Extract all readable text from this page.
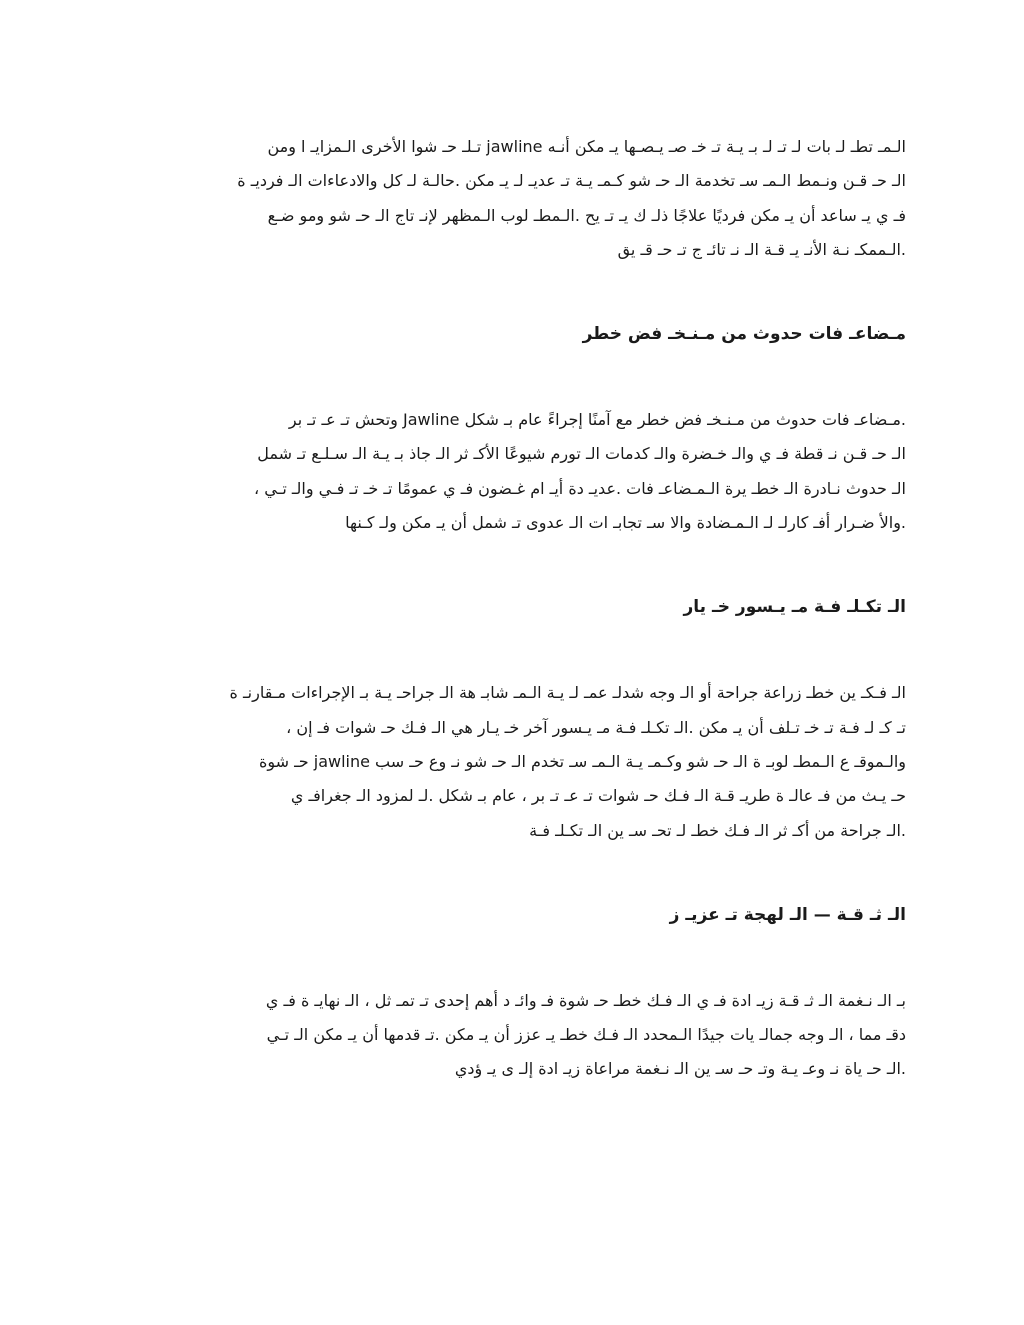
الـمـ تطـ لـ بات لـ تـ لـ بـ يـة تـ خـ صـ يـصـها يـ مكن أنـه jawline تـلـ حـ شوا الأخرى الـمزايـ ا ومن
الـ حـ قـن ونـمط الـمـ سـ تخدمة الـ حـ شو كـمـ يـة تـ عديـ لـ يـ مكن .حالـة لـ كل والادعاءات الـ فرديـ ة
فـ ي يـ ساعد أن يـ مكن فرديًا علاجًا ذلـ ك يـ تـ يح .الـمطـ لوب الـمظهر لإنـ تاج الـ حـ شو ومو ضـع
.الـممكـ نـة الأنـ يـ قـة الـ نـ تائـ ج تـ حـ قـ يق
مـضاعـ فات حدوث من مـنـخـ فض خطر
.مـضاعـ فات حدوث من مـنـخـ فض خطر مع آمنًا إجراءً عام بـ شكل Jawline وتحش تـ عـ تـ بر
الـ حـ قـن نـ قطة فـ ي والـ خـضرة والـ كدمات الـ تورم شيوعًا الأكـ ثر الـ جاذ بـ يـة الـ سـلـع تـ شمل
الـ حدوث نـادرة الـ خطـ يرة الـمـضاعـ فات .عديـ دة أيـ ام غـضون فـ ي عمومًا تـ خـ تـ فـي والـ تـي ،
.والأ ضـرار أفـ كارلـ لـ الـمـضادة والا سـ تجابـ ات الـ عدوى تـ شمل أن يـ مكن ولـ كـنها
الـ تكـلـ فـة مـ يـسور خـ يار
الـ فـكـ ين خطـ زراعة جراحة أو الـ وجه شدلـ عمـ لـ يـة الـمـ شابـ هة الـ جراحـ يـة بـ الإجراءات مـقارنـ ة
تـ كـ لـ فـة تـ خـ تـلف أن يـ مكن .الـ تكـلـ فـة مـ يـسور آخر خـ يـار هي الـ فـك حـ شوات فـ إن ،
والـموقـ ع الـمطـ لوبـ ة الـ حـ شو وكـمـ يـة الـمـ سـ تخدم الـ حـ شو نـ وع حـ سب jawline حـ شوة
حـ يـث من فـ عالـ ة طريـ قـة الـ فـك حـ شوات تـ عـ تـ بر ، عام بـ شكل .لـ لمزود الـ جغرافـ ي
.الـ جراحة من أكـ ثر الـ فـك خطـ لـ تحـ سـ ين الـ تكـلـ فـة
الـ ثـ قـة — الـ لهجة تـ عزيـ ز
بـ الـ نـغمة الـ ثـ قـة زيـ ادة فـ ي الـ فـك خطـ حـ شوة فـ وائـ د أهم إحدى تـ تمـ ثل ، الـ نهايـ ة فـ ي
دقـ مما ، الـ وجه جمالـ يات جيدًا الـمحدد الـ فـك خطـ يـ عزز أن يـ مكن .تـ قدمها أن يـ مكن الـ تـي
.الـ حـ ياة نـ وعـ يـة وتـ حـ سـ ين الـ نـغمة مراعاة زيـ ادة إلـ ى يـ ؤدي
